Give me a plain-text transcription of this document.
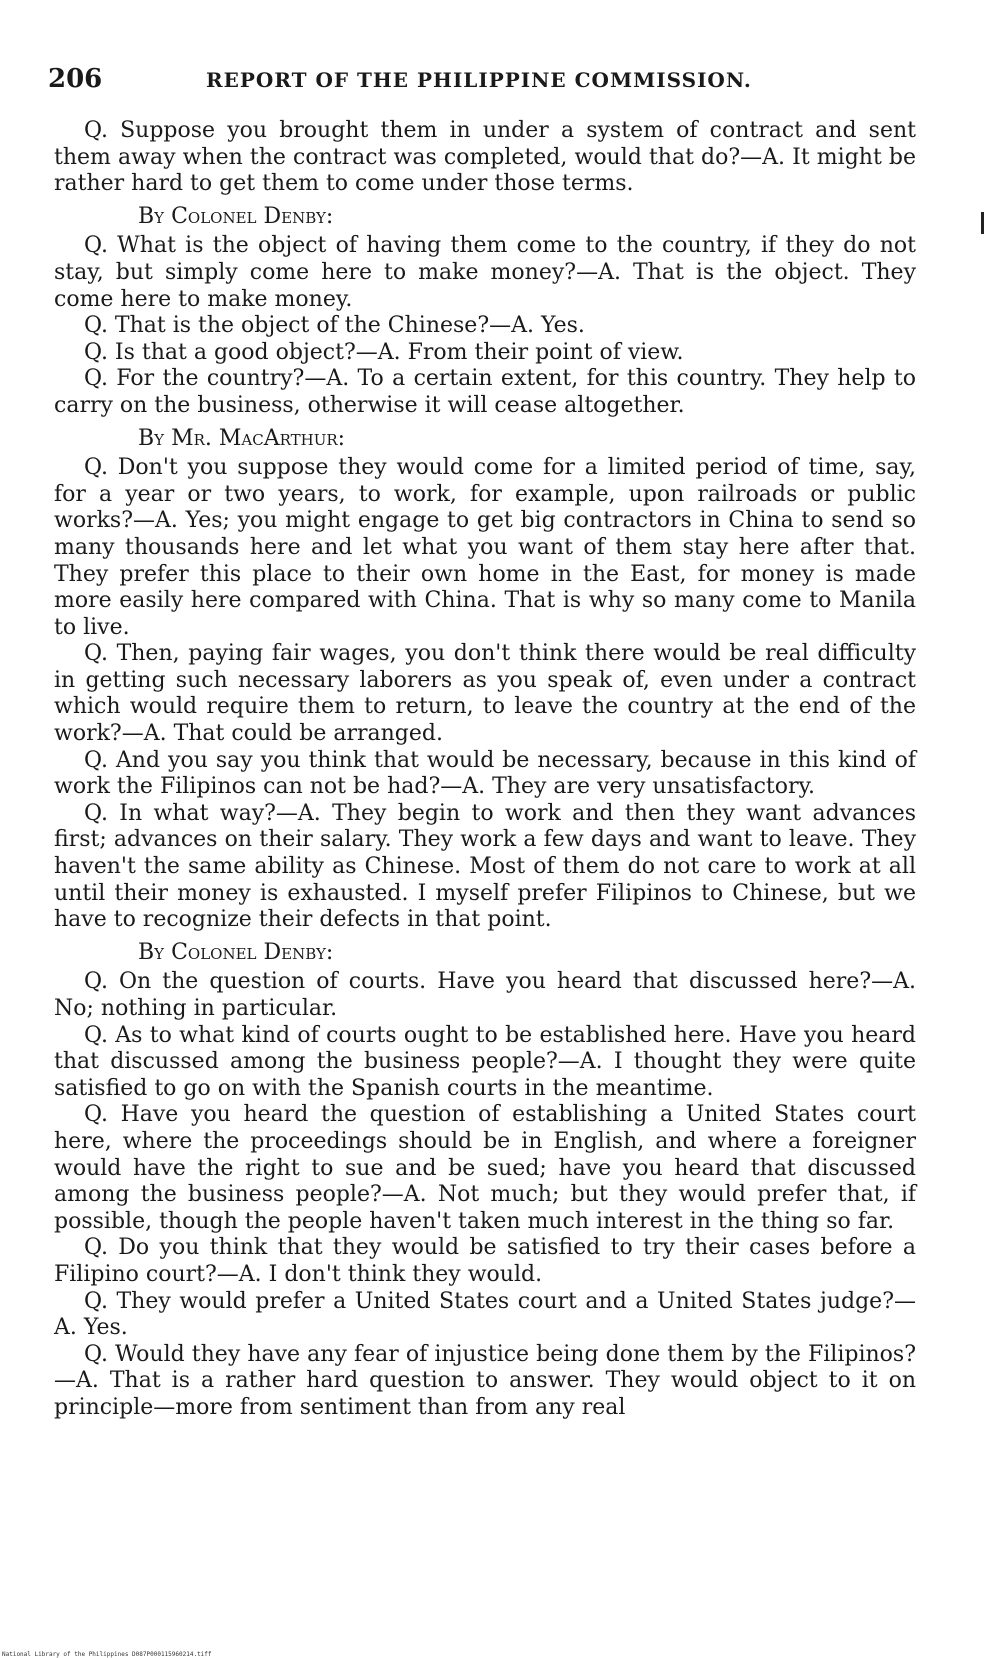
206	REPORT OF THE PHILIPPINE COMMISSION.

Q. Suppose you brought them in under a system of contract and sent them away when the contract was completed, would that do?—A. It might be rather hard to get them to come under those terms.

By Colonel Denby:

Q. What is the object of having them come to the country, if they do not stay, but simply come here to make money?—A. That is the object. They come here to make money.

Q. That is the object of the Chinese?—A. Yes.

Q. Is that a good object?—A. From their point of view.

Q. For the country?—A. To a certain extent, for this country. They help to carry on the business, otherwise it will cease altogether.

By Mr. MacArthur:

Q. Don't you suppose they would come for a limited period of time, say, for a year or two years, to work, for example, upon railroads or public works?—A. Yes; you might engage to get big contractors in China to send so many thousands here and let what you want of them stay here after that. They prefer this place to their own home in the East, for money is made more easily here compared with China. That is why so many come to Manila to live.

Q. Then, paying fair wages, you don't think there would be real difficulty in getting such necessary laborers as you speak of, even under a contract which would require them to return, to leave the country at the end of the work?—A. That could be arranged.

Q. And you say you think that would be necessary, because in this kind of work the Filipinos can not be had?—A. They are very unsatisfactory.

Q. In what way?—A. They begin to work and then they want advances first; advances on their salary. They work a few days and want to leave. They haven't the same ability as Chinese. Most of them do not care to work at all until their money is exhausted. I myself prefer Filipinos to Chinese, but we have to recognize their defects in that point.

By Colonel Denby:

Q. On the question of courts. Have you heard that discussed here?—A. No; nothing in particular.

Q. As to what kind of courts ought to be established here. Have you heard that discussed among the business people?—A. I thought they were quite satisfied to go on with the Spanish courts in the meantime.

Q. Have you heard the question of establishing a United States court here, where the proceedings should be in English, and where a foreigner would have the right to sue and be sued; have you heard that discussed among the business people?—A. Not much; but they would prefer that, if possible, though the people haven't taken much interest in the thing so far.

Q. Do you think that they would be satisfied to try their cases before a Filipino court?—A. I don't think they would.

Q. They would prefer a United States court and a United States judge?—A. Yes.

Q. Would they have any fear of injustice being done them by the Filipinos?—A. That is a rather hard question to answer. They would object to it on principle—more from sentiment than from any real

National Library of the Philippines D087P000115960214.tiff
